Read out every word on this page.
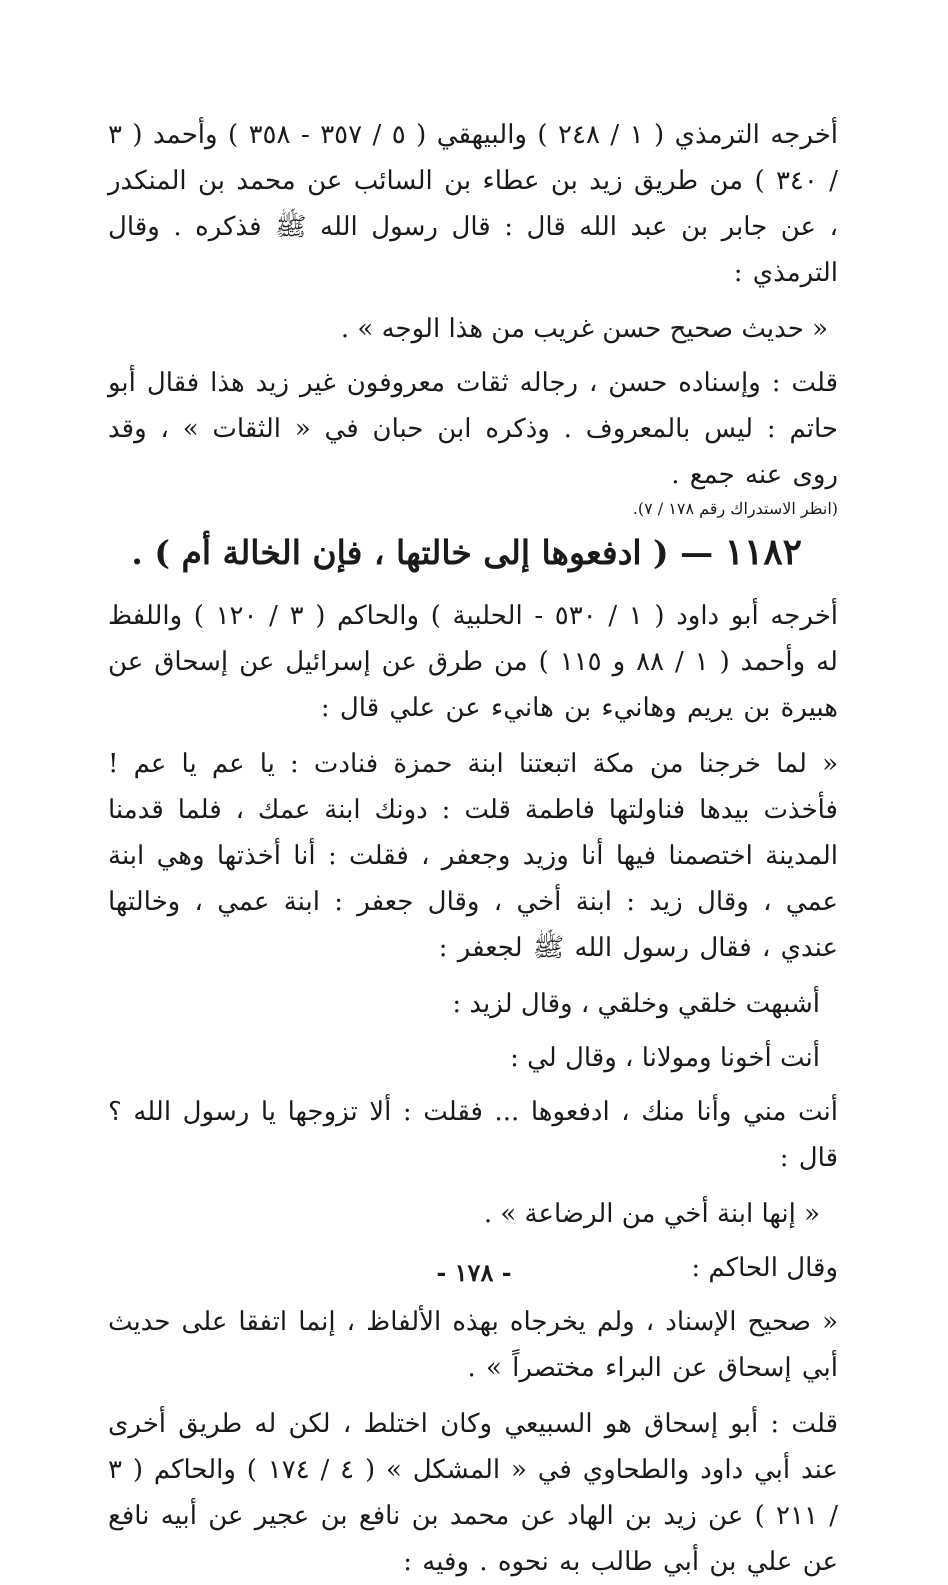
أخرجه الترمذي ( ١ / ٢٤٨ ) والبيهقي ( ٥ / ٣٥٧ - ٣٥٨ ) وأحمد ( ٣ / ٣٤٠ ) من طريق زيد بن عطاء بن السائب عن محمد بن المنكدر ، عن جابر بن عبد الله قال : قال رسول الله ﷺ فذكره . وقال الترمذي :

« حديث صحيح حسن غريب من هذا الوجه » .

قلت : وإسناده حسن ، رجاله ثقات معروفون غير زيد هذا فقال أبو حاتم : ليس بالمعروف . وذكره ابن حبان في « الثقات » ، وقد روى عنه جمع .

(انظر الاستدراك رقم ١٧٨ / ٧).

١١٨٢ — ( ادفعوها إلى خالتها ، فإن الخالة أم ) .

أخرجه أبو داود ( ١ / ٥٣٠ - الحلبية ) والحاكم ( ٣ / ١٢٠ ) واللفظ له وأحمد ( ١ / ٨٨ و ١١٥ ) من طرق عن إسرائيل عن إسحاق عن هبيرة بن يريم وهانيء بن هانيء عن علي قال :

« لما خرجنا من مكة اتبعتنا ابنة حمزة فنادت : يا عم يا عم ! فأخذت بيدها فناولتها فاطمة قلت : دونك ابنة عمك ، فلما قدمنا المدينة اختصمنا فيها أنا وزيد وجعفر ، فقلت : أنا أخذتها وهي ابنة عمي ، وقال زيد : ابنة أخي ، وقال جعفر : ابنة عمي ، وخالتها عندي ، فقال رسول الله ﷺ لجعفر :

أشبهت خلقي وخلقي ، وقال لزيد :

أنت أخونا ومولانا ، وقال لي :

أنت مني وأنا منك ، ادفعوها ... فقلت : ألا تزوجها يا رسول الله ؟ قال :

« إنها ابنة أخي من الرضاعة » .

وقال الحاكم :

« صحيح الإسناد ، ولم يخرجاه بهذه الألفاظ ، إنما اتفقا على حديث أبي إسحاق عن البراء مختصراً » .

قلت : أبو إسحاق هو السبيعي وكان اختلط ، لكن له طريق أخرى عند أبي داود والطحاوي في « المشكل » ( ٤ / ١٧٤ ) والحاكم ( ٣ / ٢١١ ) عن زيد بن الهاد عن محمد بن نافع بن عجير عن أبيه نافع عن علي بن أبي طالب به نحوه . وفيه :

- ١٧٨ -
